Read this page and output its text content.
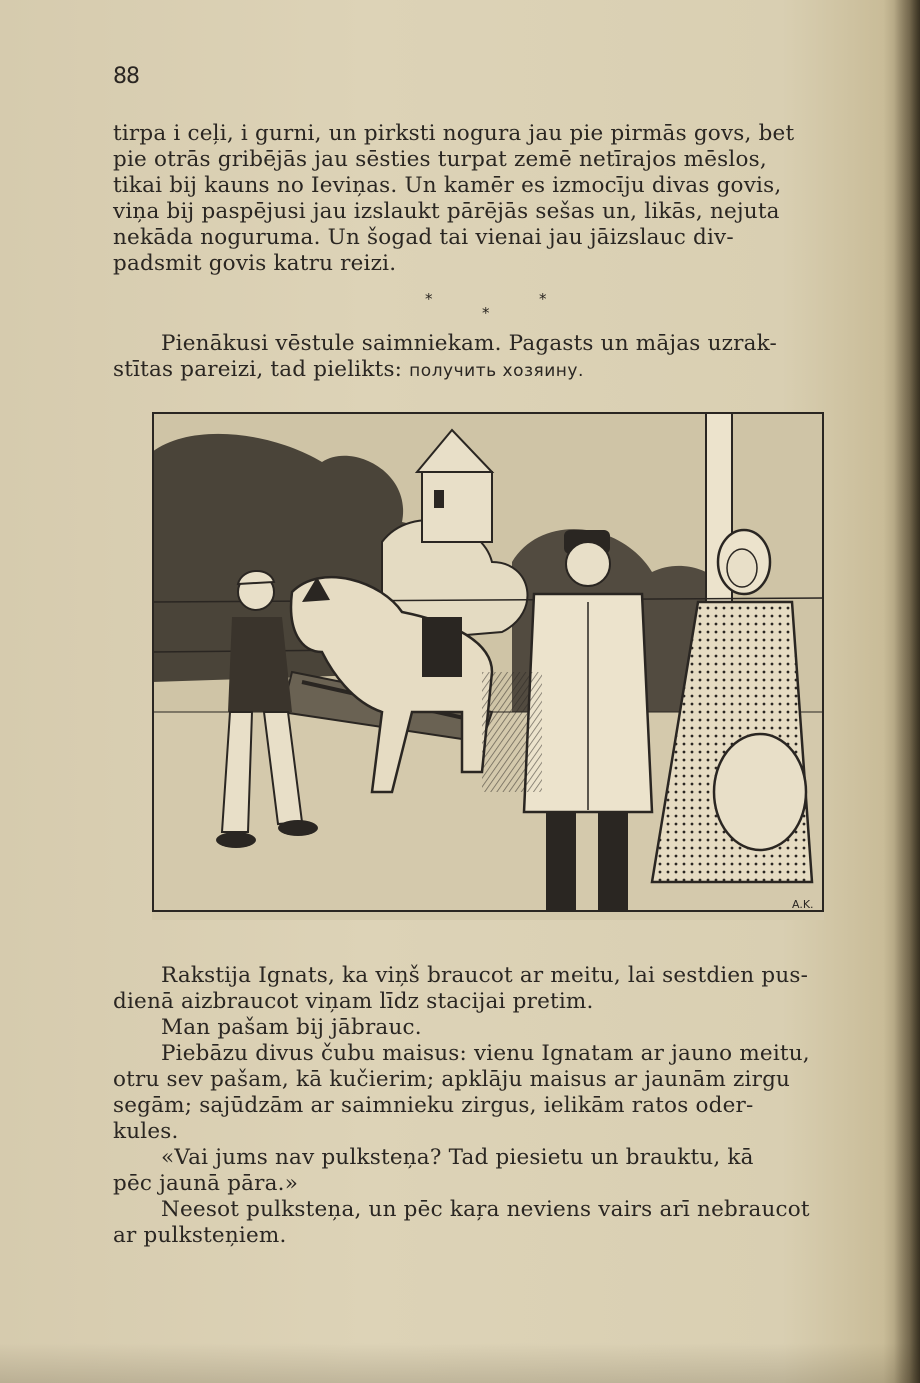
88

tirpa i ceļi, i gurni, un pirksti nogura jau pie pirmās govs, bet

pie otrās gribējās jau sēsties turpat zemē netīrajos mēslos,

tikai bij kauns no Ieviņas. Un kamēr es izmocīju divas govis,

viņa bij paspējusi jau izslaukt pārējās sešas un, likās, nejuta

nekāda noguruma. Un šogad tai vienai jau jāizslauc div-

padsmit govis katru reizi.

*	*
*

Pienākusi vēstule saimniekam. Pagasts un mājas uzrak-

stītas pareizi, tad pielikts: получить хозяину.

A.K.

Rakstija Ignats, ka viņš braucot ar meitu, lai sestdien pus-

dienā aizbraucot viņam līdz stacijai pretim.

Man pašam bij jābrauc.

Piebāzu divus čubu maisus: vienu Ignatam ar jauno meitu,

otru sev pašam, kā kučierim; apklāju maisus ar jaunām zirgu

segām; sajūdzām ar saimnieku zirgus, ielikām ratos oder-

kules.

«Vai jums nav pulksteņa? Tad piesietu un brauktu, kā

pēc jaunā pāra.»

Neesot pulksteņa, un pēc kaŗa neviens vairs arī nebraucot

ar pulksteņiem.
